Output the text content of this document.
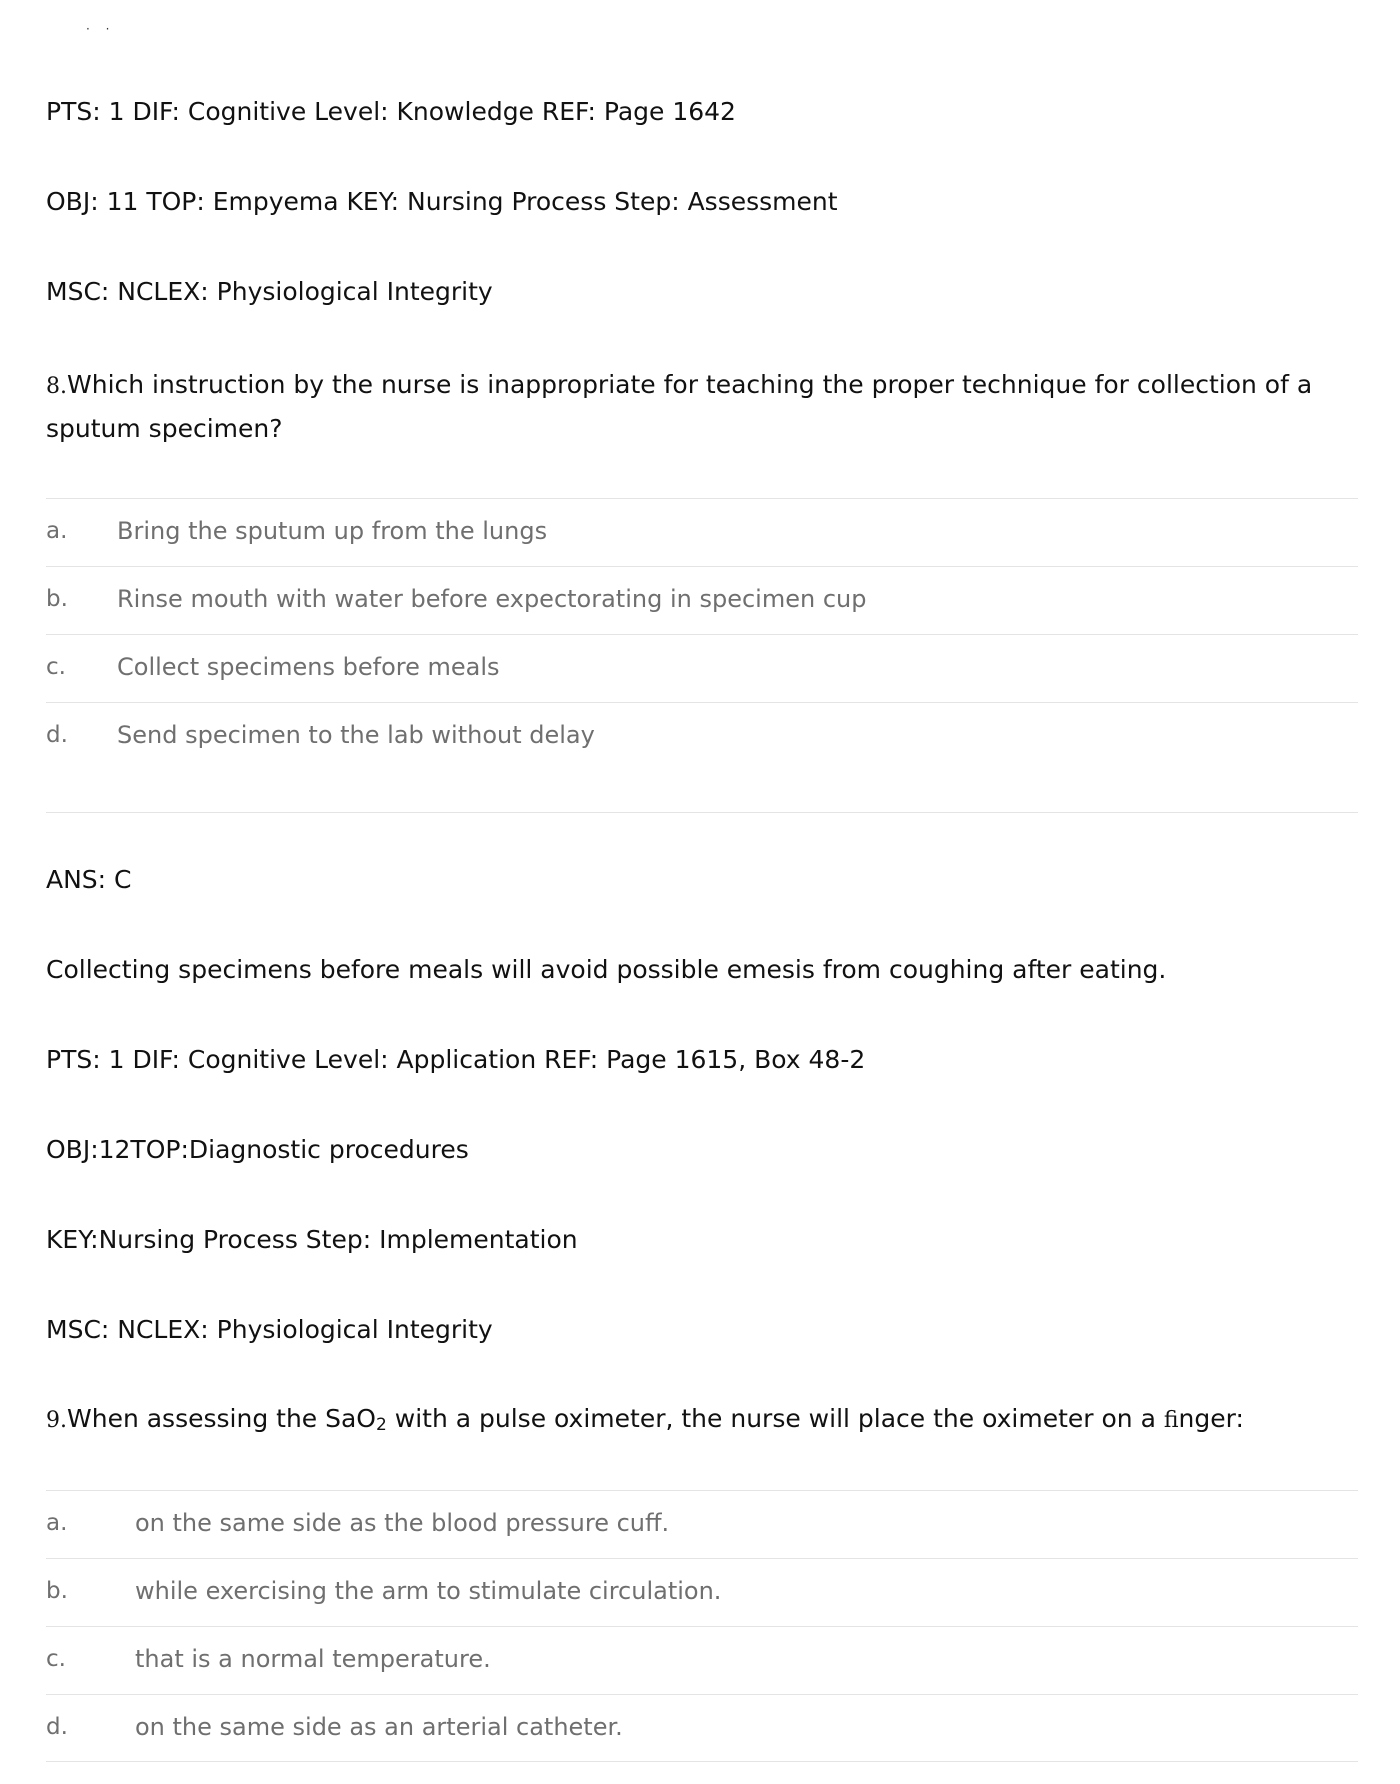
· ·
PTS: 1 DIF: Cognitive Level: Knowledge REF: Page 1642
OBJ: 11 TOP: Empyema KEY: Nursing Process Step: Assessment
MSC: NCLEX: Physiological Integrity
8.Which instruction by the nurse is inappropriate for teaching the proper technique for collection of a sputum specimen?
a. Bring the sputum up from the lungs
b. Rinse mouth with water before expectorating in specimen cup
c. Collect specimens before meals
d. Send specimen to the lab without delay
ANS: C
Collecting specimens before meals will avoid possible emesis from coughing after eating.
PTS: 1 DIF: Cognitive Level: Application REF: Page 1615, Box 48-2
OBJ:12TOP:Diagnostic procedures
KEY:Nursing Process Step: Implementation
MSC: NCLEX: Physiological Integrity
9.When assessing the SaO$_2$ with a pulse oximeter, the nurse will place the oximeter on a finger:
a.	on the same side as the blood pressure cuff.
b.	while exercising the arm to stimulate circulation.
c.	that is a normal temperature.
d.	on the same side as an arterial catheter.
